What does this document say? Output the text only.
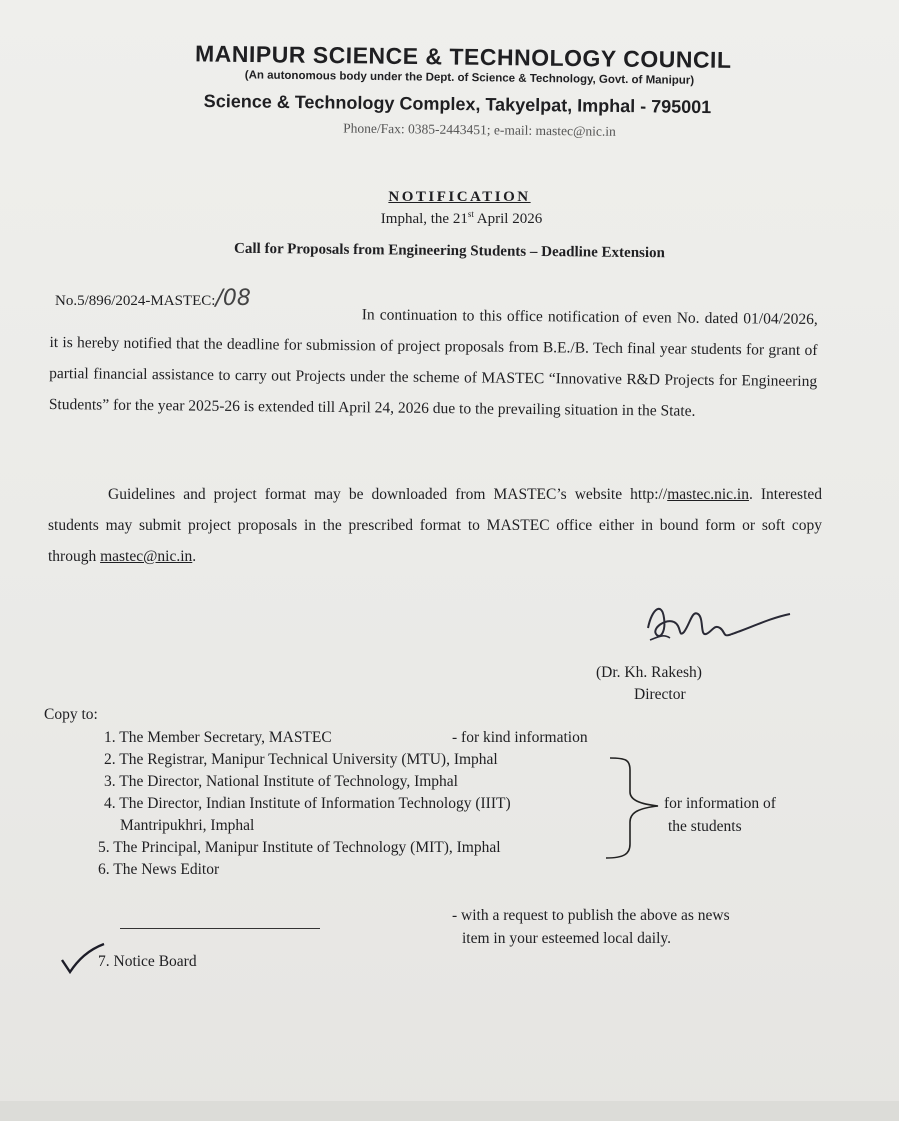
MANIPUR SCIENCE & TECHNOLOGY COUNCIL
(An autonomous body under the Dept. of Science & Technology, Govt. of Manipur)
Science & Technology Complex, Takyelpat, Imphal - 795001
Phone/Fax: 0385-2443451; e-mail: mastec@nic.in
NOTIFICATION
Imphal, the 21st April 2026
Call for Proposals from Engineering Students – Deadline Extension
No.5/896/2024-MASTEC:/08
In continuation to this office notification of even No. dated 01/04/2026, it is hereby notified that the deadline for submission of project proposals from B.E./B. Tech final year students for grant of partial financial assistance to carry out Projects under the scheme of MASTEC “Innovative R&D Projects for Engineering Students” for the year 2025-26 is extended till April 24, 2026 due to the prevailing situation in the State.
Guidelines and project format may be downloaded from MASTEC’s website http://mastec.nic.in. Interested students may submit project proposals in the prescribed format to MASTEC office either in bound form or soft copy through mastec@nic.in.
(Dr. Kh. Rakesh)
Director
Copy to:
1. The Member Secretary, MASTEC	- for kind information
2. The Registrar, Manipur Technical University (MTU), Imphal
3. The Director, National Institute of Technology, Imphal
4. The Director, Indian Institute of Information Technology (IIIT)
Mantripukhri, Imphal
5. The Principal, Manipur Institute of Technology (MIT), Imphal
6. The News Editor
for information of
the students
- with a request to publish the above as news
item in your esteemed local daily.
7. Notice Board
